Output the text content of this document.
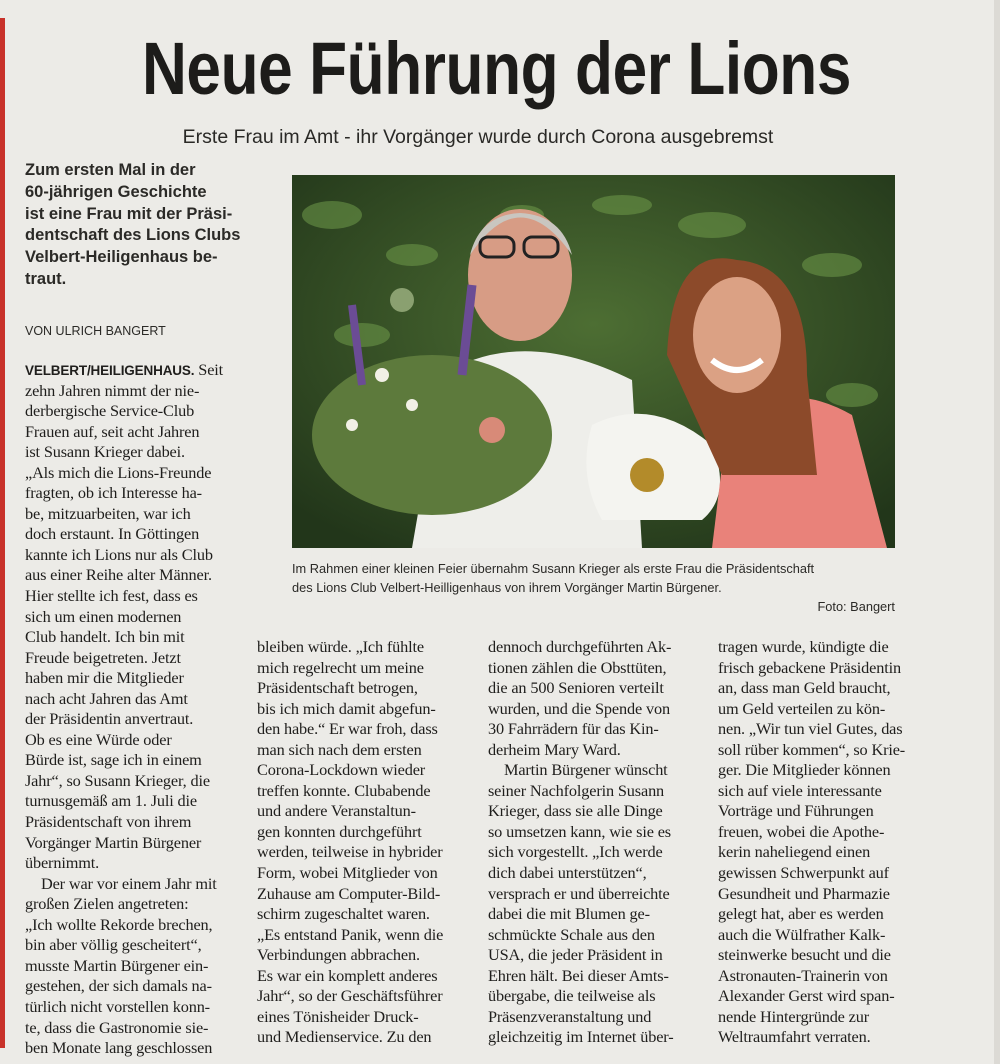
Neue Führung der Lions
Erste Frau im Amt - ihr Vorgänger wurde durch Corona ausgebremst
Zum ersten Mal in der
60-jährigen Geschichte
ist eine Frau mit der Präsi-
dentschaft des Lions Clubs
Velbert-Heiligenhaus be-
traut.
VON ULRICH BANGERT
VELBERT/HEILIGENHAUS. Seit
zehn Jahren nimmt der nie-
derbergische Service-Club
Frauen auf, seit acht Jahren
ist Susann Krieger dabei.
„Als mich die Lions-Freunde
fragten, ob ich Interesse ha-
be, mitzuarbeiten, war ich
doch erstaunt. In Göttingen
kannte ich Lions nur als Club
aus einer Reihe alter Männer.
Hier stellte ich fest, dass es
sich um einen modernen
Club handelt. Ich bin mit
Freude beigetreten. Jetzt
haben mir die Mitglieder
nach acht Jahren das Amt
der Präsidentin anvertraut.
Ob es eine Würde oder
Bürde ist, sage ich in einem
Jahr“, so Susann Krieger, die
turnusgemäß am 1. Juli die
Präsidentschaft von ihrem
Vorgänger Martin Bürgener
übernimmt.
Der war vor einem Jahr mit
großen Zielen angetreten:
„Ich wollte Rekorde brechen,
bin aber völlig gescheitert“,
musste Martin Bürgener ein-
gestehen, der sich damals na-
türlich nicht vorstellen konn-
te, dass die Gastronomie sie-
ben Monate lang geschlossen
bleiben würde. „Ich fühlte
mich regelrecht um meine
Präsidentschaft betrogen,
bis ich mich damit abgefun-
den habe.“ Er war froh, dass
man sich nach dem ersten
Corona-Lockdown wieder
treffen konnte. Clubabende
und andere Veranstaltun-
gen konnten durchgeführt
werden, teilweise in hybrider
Form, wobei Mitglieder von
Zuhause am Computer-Bild-
schirm zugeschaltet waren.
„Es entstand Panik, wenn die
Verbindungen abbrachen.
Es war ein komplett anderes
Jahr“, so der Geschäftsführer
eines Tönisheider Druck-
und Medienservice. Zu den
dennoch durchgeführten Ak-
tionen zählen die Obsttüten,
die an 500 Senioren verteilt
wurden, und die Spende von
30 Fahrrädern für das Kin-
derheim Mary Ward.
Martin Bürgener wünscht
seiner Nachfolgerin Susann
Krieger, dass sie alle Dinge
so umsetzen kann, wie sie es
sich vorgestellt. „Ich werde
dich dabei unterstützen“,
versprach er und überreichte
dabei die mit Blumen ge-
schmückte Schale aus den
USA, die jeder Präsident in
Ehren hält. Bei dieser Amts-
übergabe, die teilweise als
Präsenzveranstaltung und
gleichzeitig im Internet über-
tragen wurde, kündigte die
frisch gebackene Präsidentin
an, dass man Geld braucht,
um Geld verteilen zu kön-
nen. „Wir tun viel Gutes, das
soll rüber kommen“, so Krie-
ger. Die Mitglieder können
sich auf viele interessante
Vorträge und Führungen
freuen, wobei die Apothe-
kerin naheliegend einen
gewissen Schwerpunkt auf
Gesundheit und Pharmazie
gelegt hat, aber es werden
auch die Wülfrather Kalk-
steinwerke besucht und die
Astronauten-Trainerin von
Alexander Gerst wird span-
nende Hintergründe zur
Weltraumfahrt verraten.
Im Rahmen einer kleinen Feier übernahm Susann Krieger als erste Frau die Präsidentschaft
des Lions Club Velbert-Heilligenhaus von ihrem Vorgänger Martin Bürgener.
Foto: Bangert
